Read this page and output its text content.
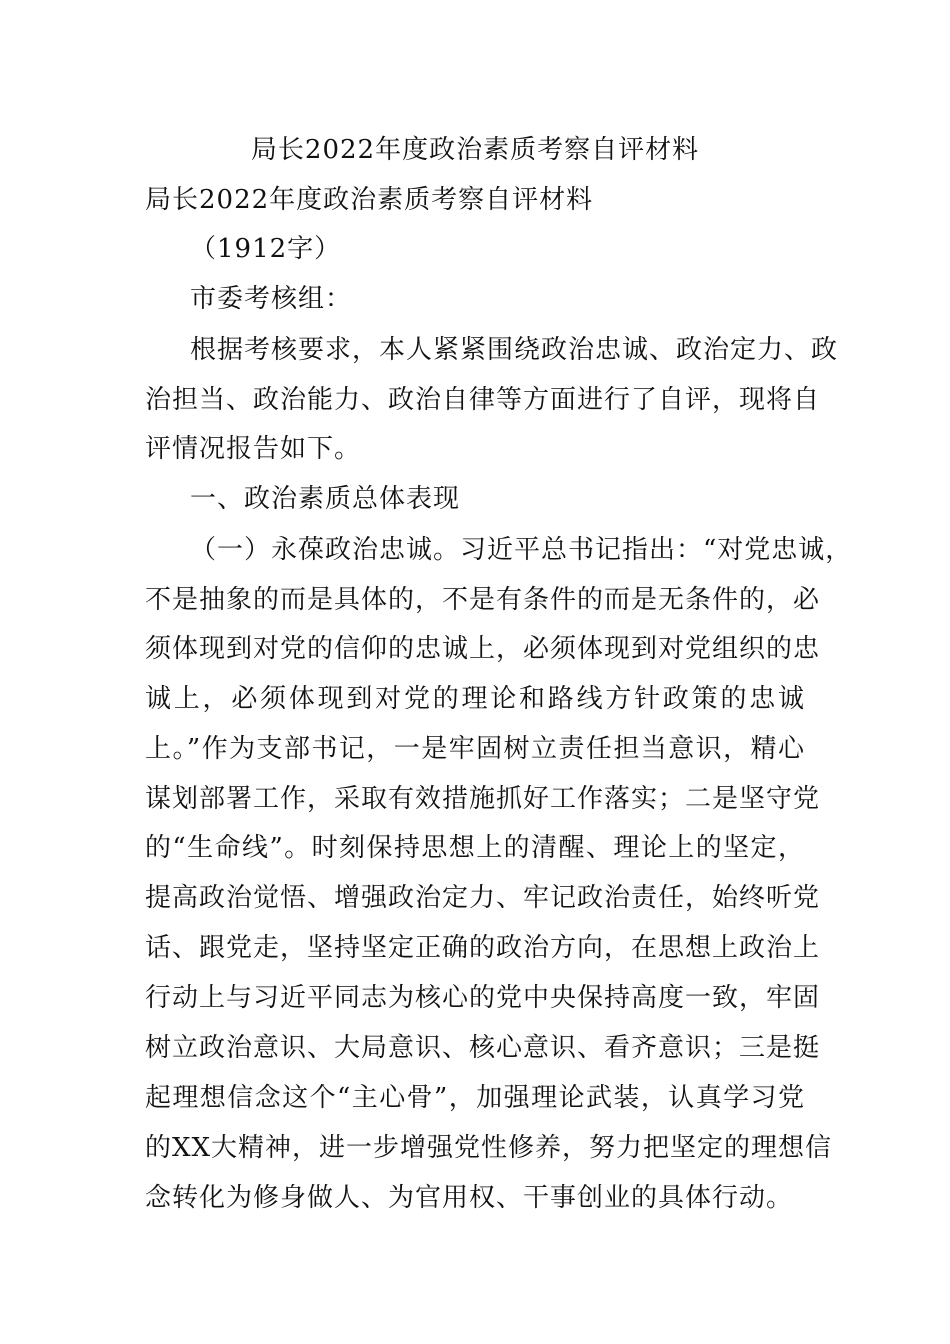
局长2022年度政治素质考察自评材料
局长2022年度政治素质考察自评材料
（1912字）
市委考核组：
根据考核要求，本人紧紧围绕政治忠诚、政治定力、政
治担当、政治能力、政治自律等方面进行了自评，现将自
评情况报告如下。
一、政治素质总体表现
（一）永葆政治忠诚。习近平总书记指出：“对党忠诚，
不是抽象的而是具体的，不是有条件的而是无条件的，必
须体现到对党的信仰的忠诚上，必须体现到对党组织的忠
诚上，必须体现到对党的理论和路线方针政策的忠诚
上。”作为支部书记，一是牢固树立责任担当意识，精心
谋划部署工作，采取有效措施抓好工作落实；二是坚守党
的“生命线”。时刻保持思想上的清醒、理论上的坚定，
提高政治觉悟、增强政治定力、牢记政治责任，始终听党
话、跟党走，坚持坚定正确的政治方向，在思想上政治上
行动上与习近平同志为核心的党中央保持高度一致，牢固
树立政治意识、大局意识、核心意识、看齐意识；三是挺
起理想信念这个“主心骨”，加强理论武装，认真学习党
的XX大精神，进一步增强党性修养，努力把坚定的理想信
念转化为修身做人、为官用权、干事创业的具体行动。
